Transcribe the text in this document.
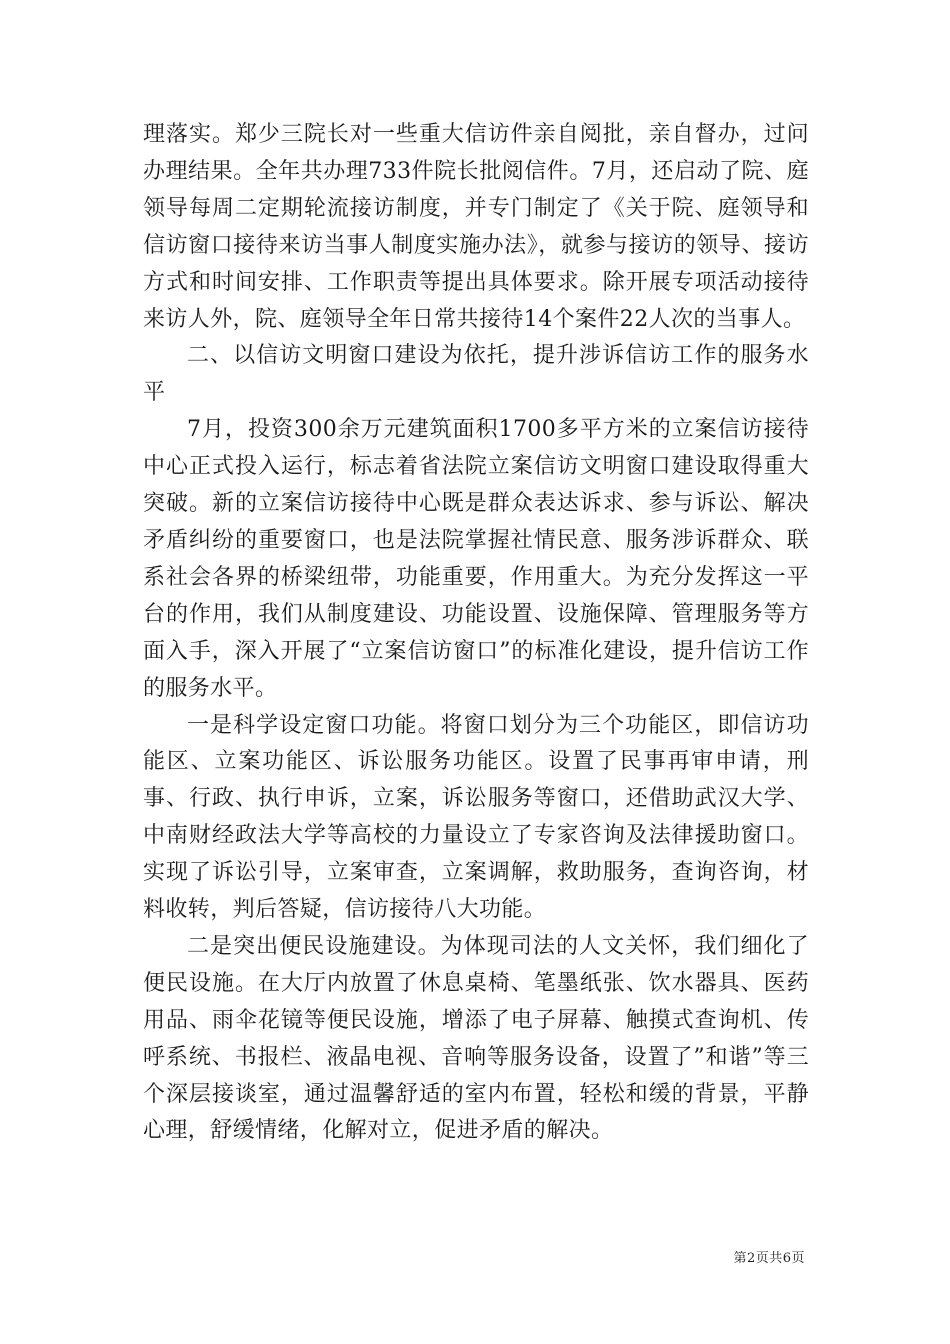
理落实。郑少三院长对一些重大信访件亲自阅批，亲自督办，过问办理结果。全年共办理733件院长批阅信件。7月，还启动了院、庭领导每周二定期轮流接访制度，并专门制定了《关于院、庭领导和信访窗口接待来访当事人制度实施办法》，就参与接访的领导、接访方式和时间安排、工作职责等提出具体要求。除开展专项活动接待来访人外，院、庭领导全年日常共接待14个案件22人次的当事人。

二、以信访文明窗口建设为依托，提升涉诉信访工作的服务水平

7月，投资300余万元建筑面积1700多平方米的立案信访接待中心正式投入运行，标志着省法院立案信访文明窗口建设取得重大突破。新的立案信访接待中心既是群众表达诉求、参与诉讼、解决矛盾纠纷的重要窗口，也是法院掌握社情民意、服务涉诉群众、联系社会各界的桥梁纽带，功能重要，作用重大。为充分发挥这一平台的作用，我们从制度建设、功能设置、设施保障、管理服务等方面入手，深入开展了“立案信访窗口”的标准化建设，提升信访工作的服务水平。

一是科学设定窗口功能。将窗口划分为三个功能区，即信访功能区、立案功能区、诉讼服务功能区。设置了民事再审申请，刑事、行政、执行申诉，立案，诉讼服务等窗口，还借助武汉大学、中南财经政法大学等高校的力量设立了专家咨询及法律援助窗口。实现了诉讼引导，立案审查，立案调解，救助服务，查询咨询，材料收转，判后答疑，信访接待八大功能。

二是突出便民设施建设。为体现司法的人文关怀，我们细化了便民设施。在大厅内放置了休息桌椅、笔墨纸张、饮水器具、医药用品、雨伞花镜等便民设施，增添了电子屏幕、触摸式查询机、传呼系统、书报栏、液晶电视、音响等服务设备，设置了”和谐”等三个深层接谈室，通过温馨舒适的室内布置，轻松和缓的背景，平静心理，舒缓情绪，化解对立，促进矛盾的解决。

第2页共6页
